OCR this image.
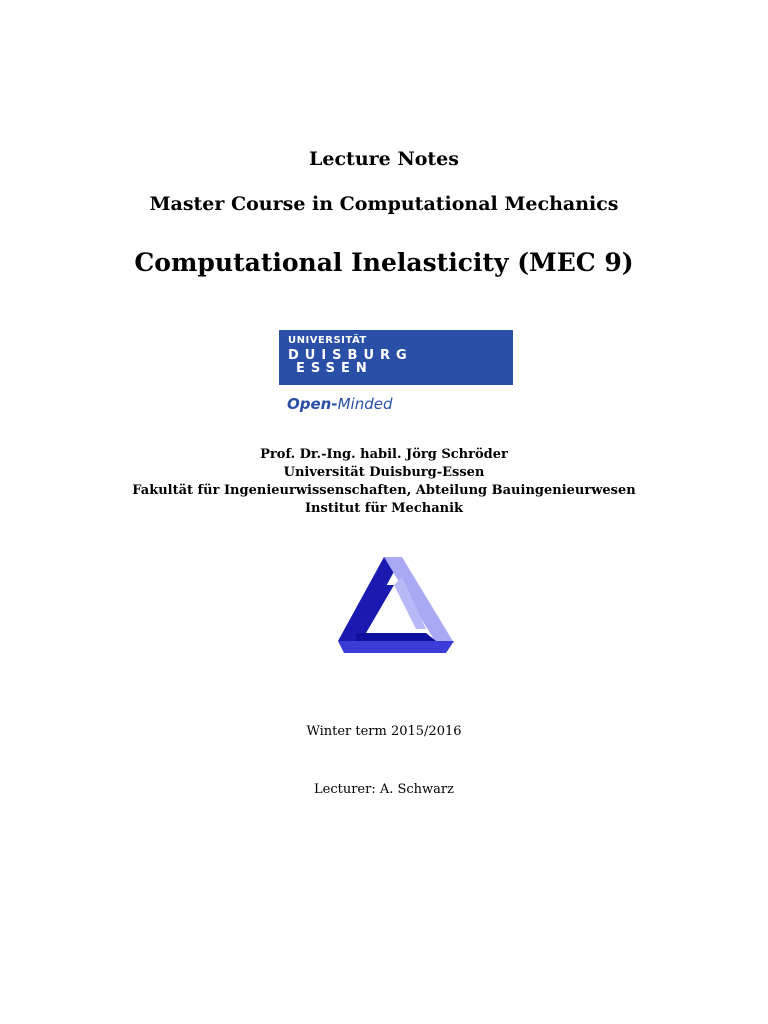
Lecture Notes
Master Course in Computational Mechanics
Computational Inelasticity (MEC 9)
UNIVERSITÄT
DUISBURG
ESSEN
Open-Minded
Prof. Dr.-Ing. habil. Jörg Schröder
Universität Duisburg-Essen
Fakultät für Ingenieurwissenschaften, Abteilung Bauingenieurwesen
Institut für Mechanik
Winter term 2015/2016
Lecturer: A. Schwarz
